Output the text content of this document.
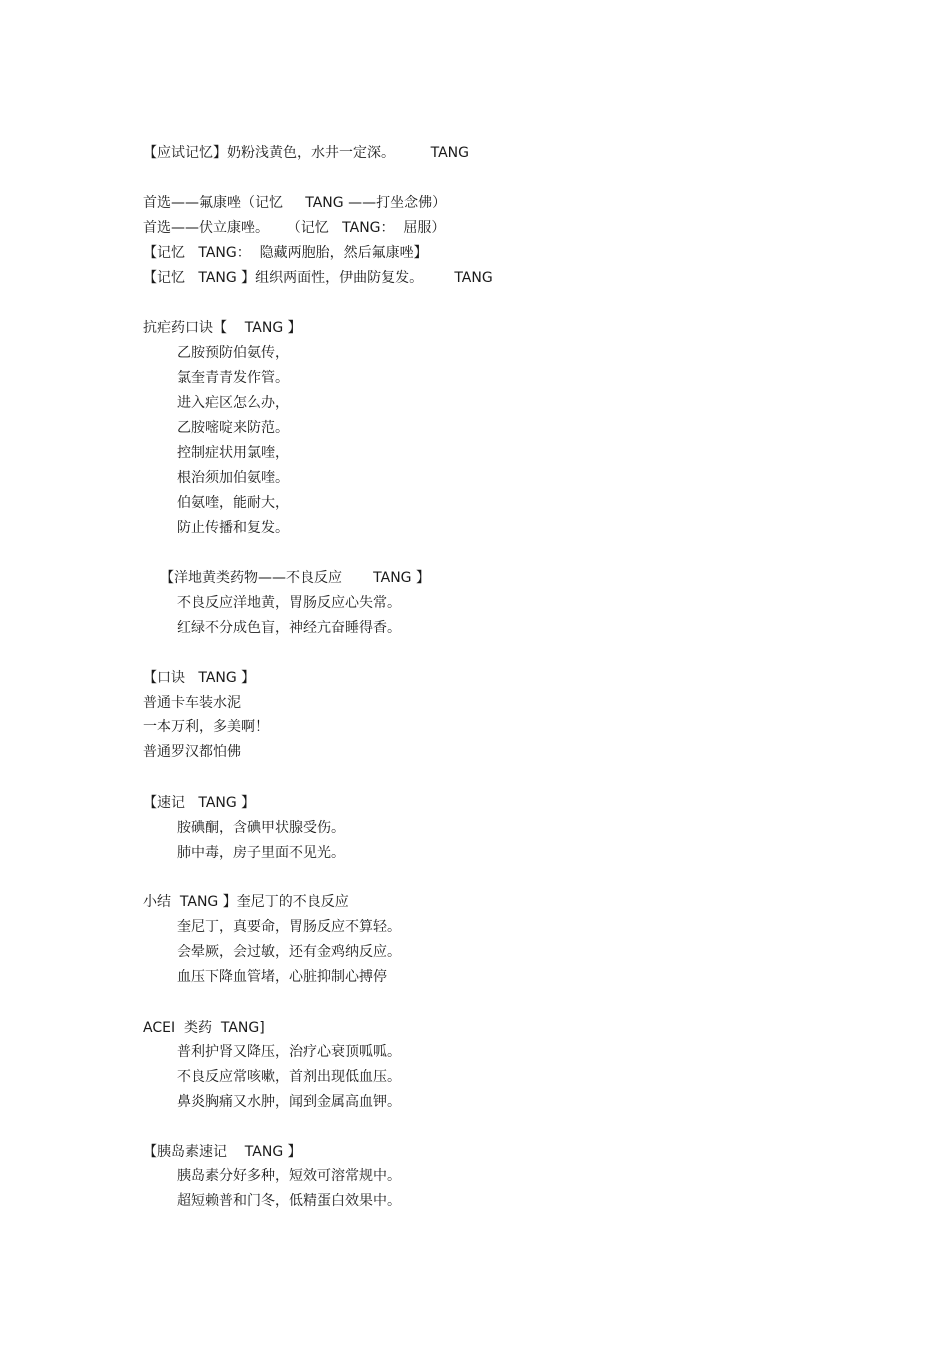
【应试记忆】奶粉浅黄色，水井一定深。        TANG
首选——氟康唑（记忆     TANG ——打坐念佛）
首选——伏立康唑。    （记忆   TANG：  屈服）
【记忆   TANG：  隐藏两胞胎，然后氟康唑】
【记忆   TANG 】组织两面性，伊曲防复发。       TANG
抗疟药口诀【    TANG 】
乙胺预防伯氨传，
氯奎青青发作管。
进入疟区怎么办，
乙胺嘧啶来防范。
控制症状用氯喹，
根治须加伯氨喹。
伯氨喹，能耐大，
防止传播和复发。
【洋地黄类药物——不良反应       TANG 】
不良反应洋地黄，胃肠反应心失常。
红绿不分成色盲，神经亢奋睡得香。
【口诀   TANG 】
普通卡车装水泥
一本万利，多美啊！
普通罗汉都怕佛
【速记   TANG 】
胺碘酮，含碘甲状腺受伤。
肺中毒，房子里面不见光。
小结  TANG 】奎尼丁的不良反应
奎尼丁，真要命，胃肠反应不算轻。
会晕厥，会过敏，还有金鸡纳反应。
血压下降血管堵，心脏抑制心搏停
ACEI  类药  TANG]
普利护肾又降压，治疗心衰顶呱呱。
不良反应常咳嗽，首剂出现低血压。
鼻炎胸痛又水肿，闻到金属高血钾。
【胰岛素速记    TANG 】
胰岛素分好多种，短效可溶常规中。
超短赖普和门冬，低精蛋白效果中。
